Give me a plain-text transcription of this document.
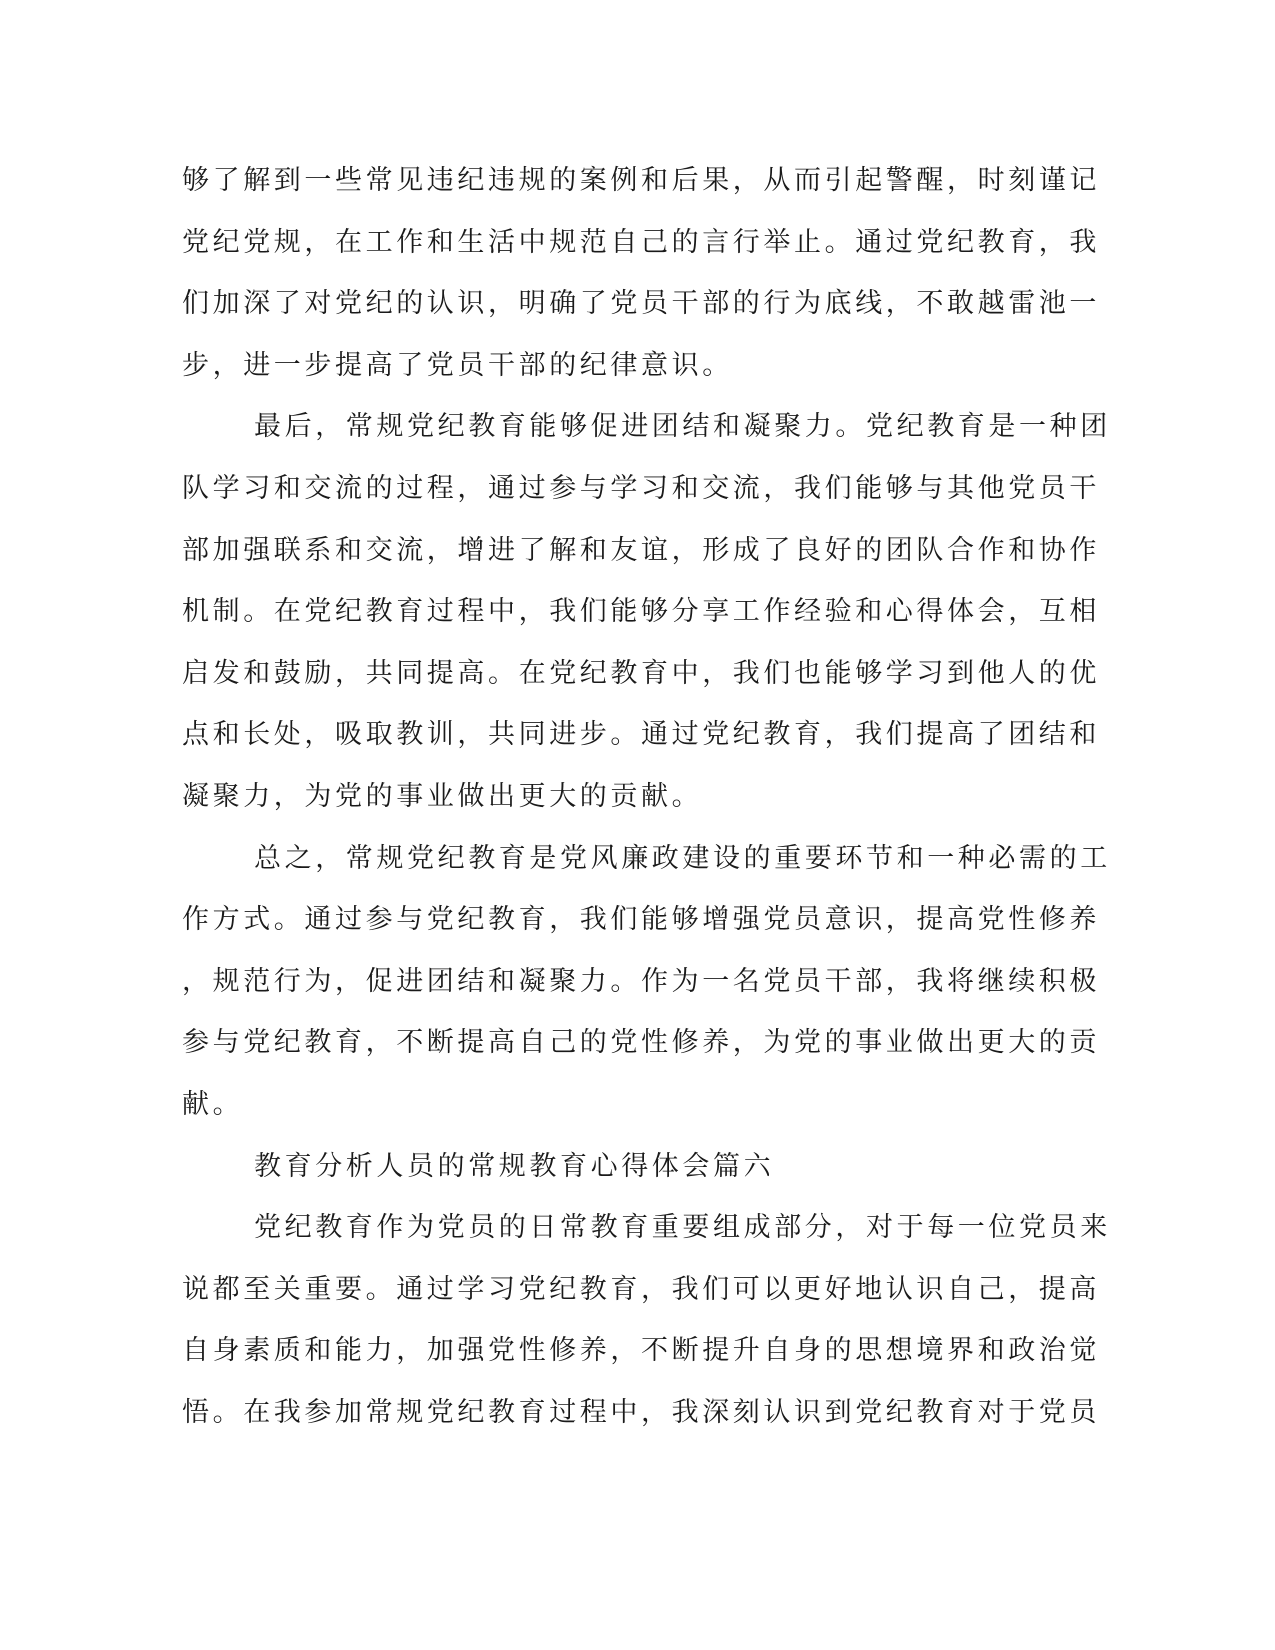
够了解到一些常见违纪违规的案例和后果，从而引起警醒，时刻谨记
党纪党规，在工作和生活中规范自己的言行举止。通过党纪教育，我
们加深了对党纪的认识，明确了党员干部的行为底线，不敢越雷池一
步，进一步提高了党员干部的纪律意识。
最后，常规党纪教育能够促进团结和凝聚力。党纪教育是一种团
队学习和交流的过程，通过参与学习和交流，我们能够与其他党员干
部加强联系和交流，增进了解和友谊，形成了良好的团队合作和协作
机制。在党纪教育过程中，我们能够分享工作经验和心得体会，互相
启发和鼓励，共同提高。在党纪教育中，我们也能够学习到他人的优
点和长处，吸取教训，共同进步。通过党纪教育，我们提高了团结和
凝聚力，为党的事业做出更大的贡献。
总之，常规党纪教育是党风廉政建设的重要环节和一种必需的工
作方式。通过参与党纪教育，我们能够增强党员意识，提高党性修养
，规范行为，促进团结和凝聚力。作为一名党员干部，我将继续积极
参与党纪教育，不断提高自己的党性修养，为党的事业做出更大的贡
献。
教育分析人员的常规教育心得体会篇六
党纪教育作为党员的日常教育重要组成部分，对于每一位党员来
说都至关重要。通过学习党纪教育，我们可以更好地认识自己，提高
自身素质和能力，加强党性修养，不断提升自身的思想境界和政治觉
悟。在我参加常规党纪教育过程中，我深刻认识到党纪教育对于党员
